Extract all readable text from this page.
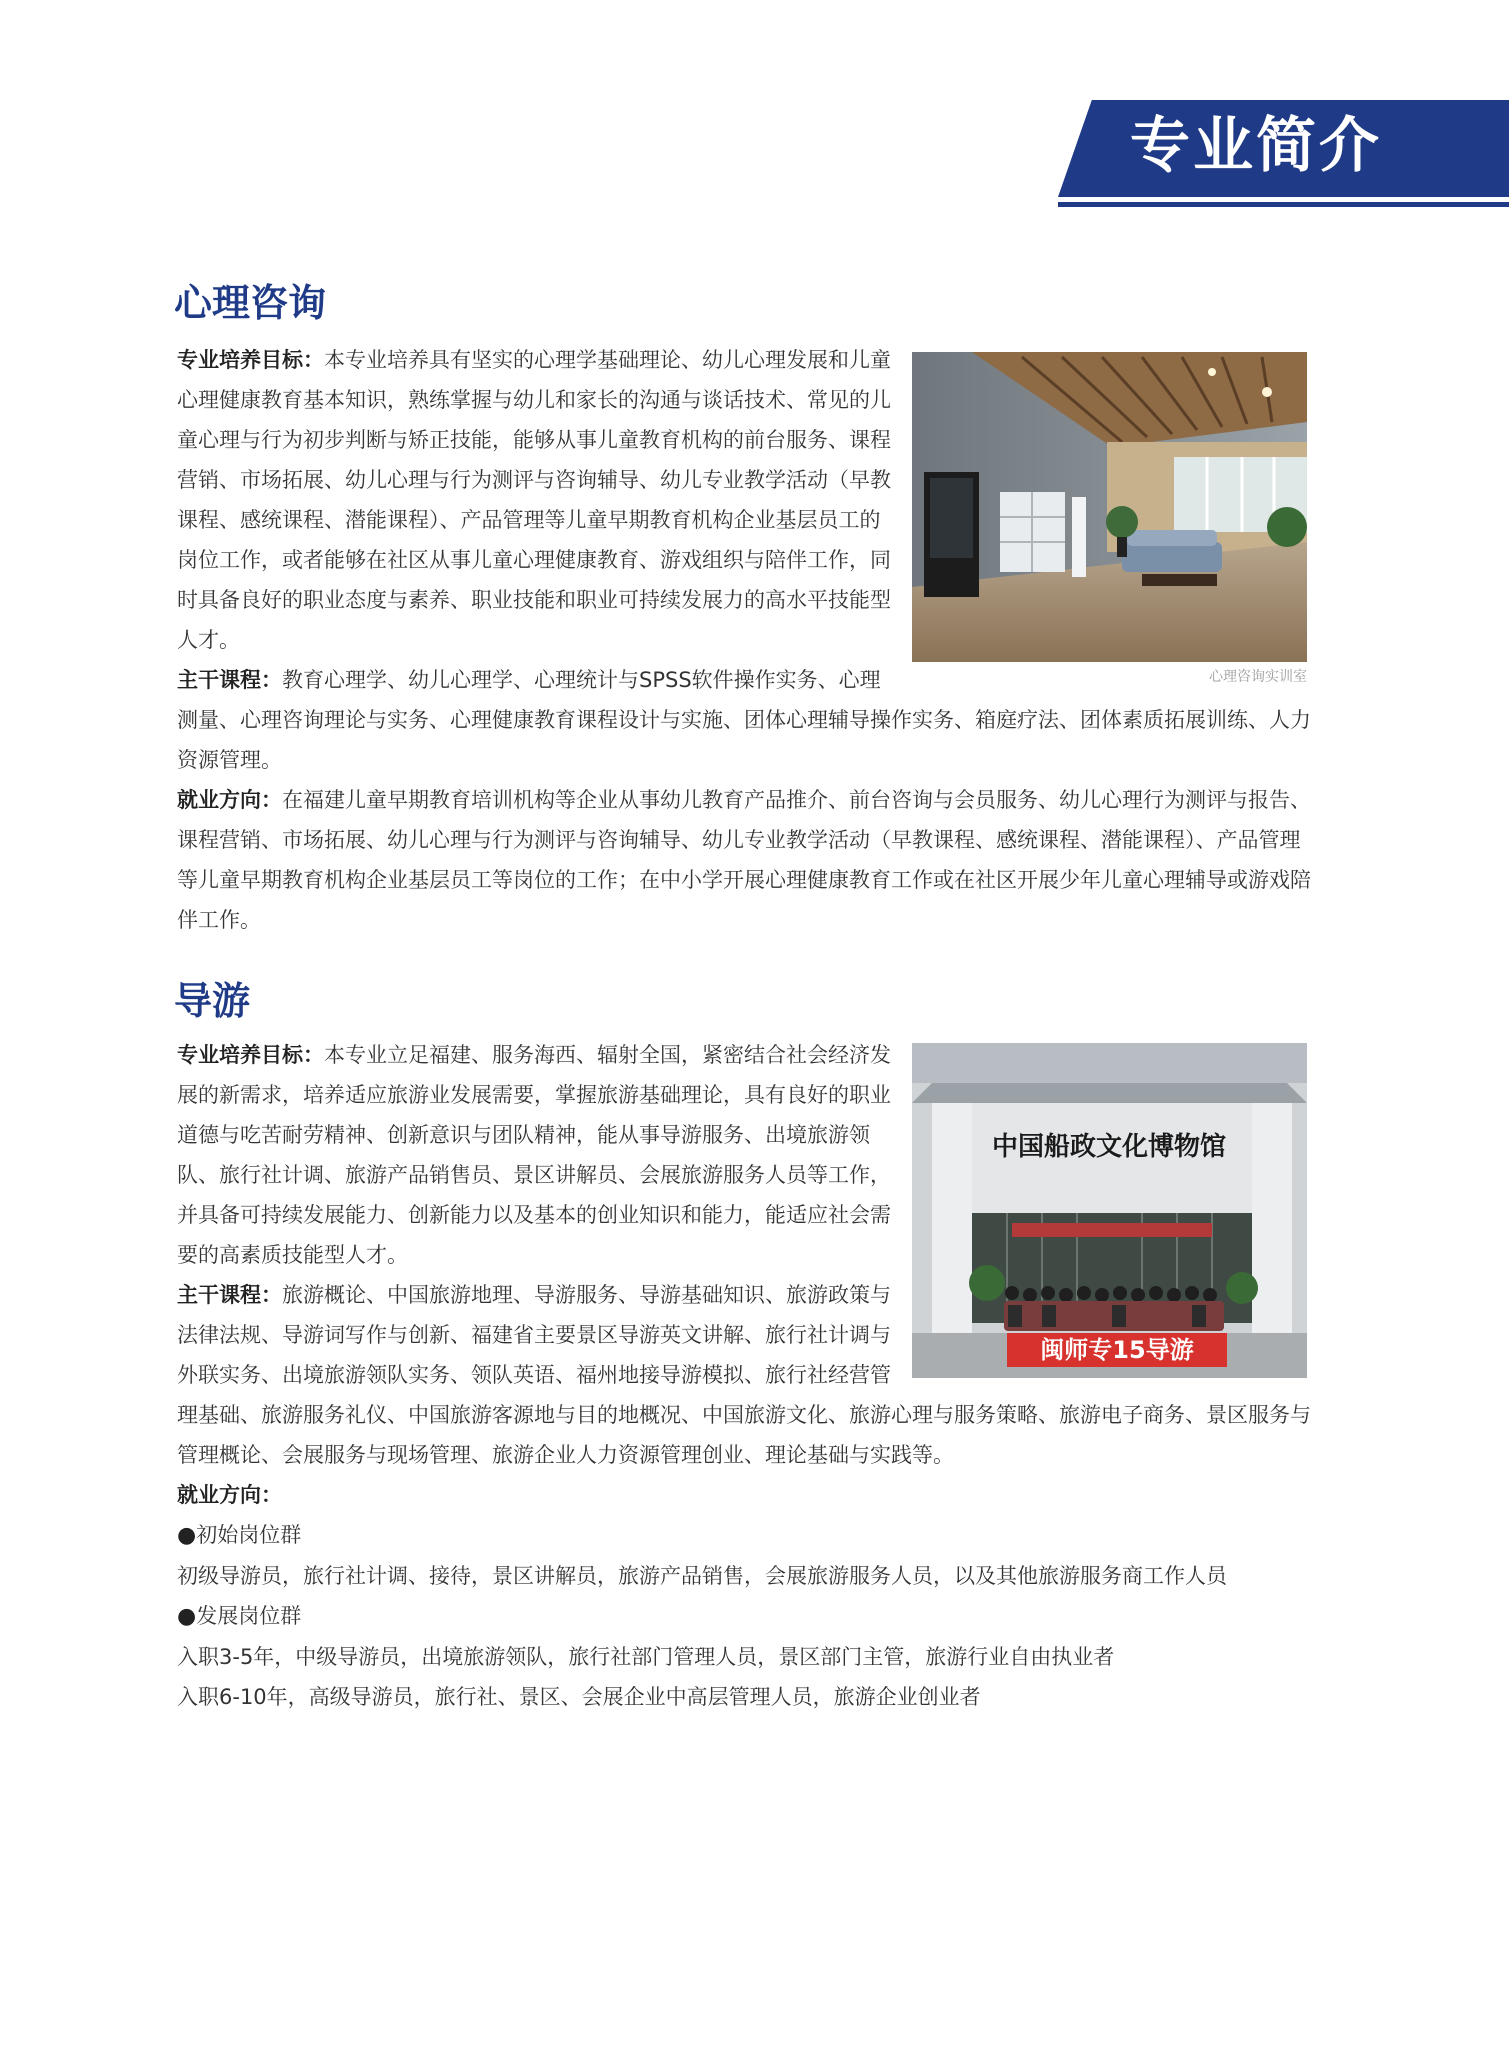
专业简介
心理咨询
心理咨询实训室

专业培养目标：本专业培养具有坚实的心理学基础理论、幼儿心理发展和儿童心理健康教育基本知识，熟练掌握与幼儿和家长的沟通与谈话技术、常见的儿童心理与行为初步判断与矫正技能，能够从事儿童教育机构的前台服务、课程营销、市场拓展、幼儿心理与行为测评与咨询辅导、幼儿专业教学活动（早教课程、感统课程、潜能课程）、产品管理等儿童早期教育机构企业基层员工的岗位工作，或者能够在社区从事儿童心理健康教育、游戏组织与陪伴工作，同时具备良好的职业态度与素养、职业技能和职业可持续发展力的高水平技能型人才。

主干课程：教育心理学、幼儿心理学、心理统计与SPSS软件操作实务、心理测量、心理咨询理论与实务、心理健康教育课程设计与实施、团体心理辅导操作实务、箱庭疗法、团体素质拓展训练、人力资源管理。

就业方向：在福建儿童早期教育培训机构等企业从事幼儿教育产品推介、前台咨询与会员服务、幼儿心理行为测评与报告、课程营销、市场拓展、幼儿心理与行为测评与咨询辅导、幼儿专业教学活动（早教课程、感统课程、潜能课程）、产品管理等儿童早期教育机构企业基层员工等岗位的工作；在中小学开展心理健康教育工作或在社区开展少年儿童心理辅导或游戏陪伴工作。

导游
中国船政文化博物馆
闽师专15导游

专业培养目标：本专业立足福建、服务海西、辐射全国，紧密结合社会经济发展的新需求，培养适应旅游业发展需要，掌握旅游基础理论，具有良好的职业道德与吃苦耐劳精神、创新意识与团队精神，能从事导游服务、出境旅游领队、旅行社计调、旅游产品销售员、景区讲解员、会展旅游服务人员等工作，并具备可持续发展能力、创新能力以及基本的创业知识和能力，能适应社会需要的高素质技能型人才。

主干课程：旅游概论、中国旅游地理、导游服务、导游基础知识、旅游政策与法律法规、导游词写作与创新、福建省主要景区导游英文讲解、旅行社计调与外联实务、出境旅游领队实务、领队英语、福州地接导游模拟、旅行社经营管理基础、旅游服务礼仪、中国旅游客源地与目的地概况、中国旅游文化、旅游心理与服务策略、旅游电子商务、景区服务与管理概论、会展服务与现场管理、旅游企业人力资源管理创业、理论基础与实践等。

就业方向：

●初始岗位群

初级导游员，旅行社计调、接待，景区讲解员，旅游产品销售，会展旅游服务人员，以及其他旅游服务商工作人员

●发展岗位群

入职3-5年，中级导游员，出境旅游领队，旅行社部门管理人员，景区部门主管，旅游行业自由执业者

入职6-10年，高级导游员，旅行社、景区、会展企业中高层管理人员，旅游企业创业者
